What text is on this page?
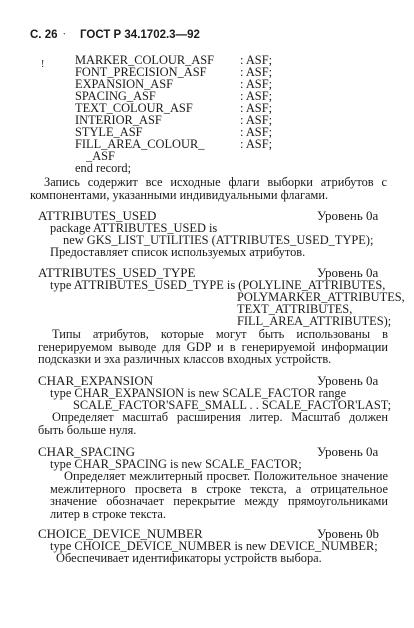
С. 26 ГОСТ Р 34.1702.3—92
! MARKER_COLOUR_ASF : ASF;
FONT_PRECISION_ASF	: ASF;
EXPANSION_ASF	: ASF;
SPACING_ASF	: ASF;
TEXT_COLOUR_ASF	: ASF;
INTERIOR_ASF	: ASF;
STYLE_ASF	: ASF;
FILL_AREA_COLOUR_	: ASF;
_ASF
end record;
Запись содержит все исходные флаги выборки атрибутов с компонентами, указанными индивидуальными флагами.
ATTRIBUTES_USED	Уровень 0a
package ATTRIBUTES_USED is
new GKS_LIST_UTILITIES (ATTRIBUTES_USED_TYPE);
Предоставляет список используемых атрибутов.
ATTRIBUTES_USED_TYPE	Уровень 0a
type ATTRIBUTES_USED_TYPE is (POLYLINE_ATTRIBUTES,
POLYMARKER_ATTRIBUTES,
TEXT_ATTRIBUTES,
FILL_AREA_ATTRIBUTES);
Типы атрибутов, которые могут быть использованы в генерируемом выводе для GDP и в генерируемой информации подсказки и эха различных классов входных устройств.
CHAR_EXPANSION	Уровень 0a
type CHAR_EXPANSION is new SCALE_FACTOR range
SCALE_FACTOR'SAFE_SMALL . . SCALE_FACTOR'LAST;
Определяет масштаб расширения литер. Масштаб должен быть больше нуля.
CHAR_SPACING	Уровень 0a
type CHAR_SPACING is new SCALE_FACTOR;
Определяет межлитерный просвет. Положительное значение межлитерного просвета в строке текста, а отрицательное значение обозначает перекрытие между прямоугольниками литер в строке текста.
CHOICE_DEVICE_NUMBER	Уровень 0b
type CHOICE_DEVICE_NUMBER is new DEVICE_NUMBER;
Обеспечивает идентификаторы устройств выбора.
